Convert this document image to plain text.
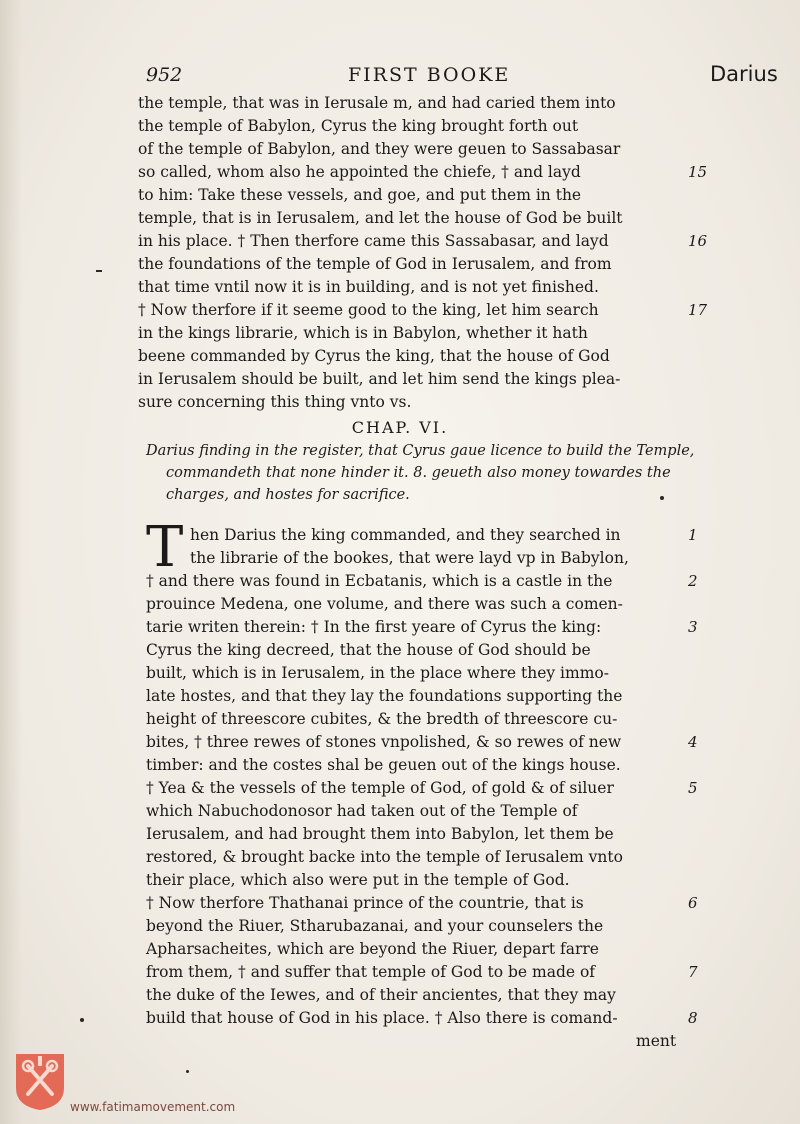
952	FIRST BOOKE	Darius
the temple, that was in Ierusale m, and had caried them into
the temple of Babylon, Cyrus the king brought forth out
of the temple of Babylon, and they were geuen to Sassabasar
so called, whom also he appointed the chiefe, † and layd
to him: Take these vessels, and goe, and put them in the
temple, that is in Ierusalem, and let the house of God be built
in his place. † Then therfore came this Sassabasar, and layd
the foundations of the temple of God in Ierusalem, and from
that time vntil now it is in building, and is not yet finished.
† Now therfore if it seeme good to the king, let him search
in the kings librarie, which is in Babylon, whether it hath
beene commanded by Cyrus the king, that the house of God
in Ierusalem should be built, and let him send the kings plea-
sure concerning this thing vnto vs.
15
16
17
CHAP. VI.
Darius finding in the register, that Cyrus gaue licence to build the Temple,
commandeth that none hinder it. 8. geueth also money towardes the
charges, and hostes for sacrifice.
T hen Darius the king commanded, and they searched in
the librarie of the bookes, that were layd vp in Babylon,
† and there was found in Ecbatanis, which is a castle in the
prouince Medena, one volume, and there was such a comen-
tarie writen therein: † In the first yeare of Cyrus the king:
Cyrus the king decreed, that the house of God should be
built, which is in Ierusalem, in the place where they immo-
late hostes, and that they lay the foundations supporting the
height of threescore cubites, & the bredth of threescore cu-
bites, † three rewes of stones vnpolished, & so rewes of new
timber: and the costes shal be geuen out of the kings house.
† Yea & the vessels of the temple of God, of gold & of siluer
which Nabuchodonosor had taken out of the Temple of
Ierusalem, and had brought them into Babylon, let them be
restored, & brought backe into the temple of Ierusalem vnto
their place, which also were put in the temple of God.
† Now therfore Thathanai prince of the countrie, that is
beyond the Riuer, Stharubazanai, and your counselers the
Apharsacheites, which are beyond the Riuer, depart farre
from them, † and suffer that temple of God to be made of
the duke of the Iewes, and of their ancientes, that they may
build that house of God in his place. † Also there is comand-
ment
1
2
3
4
5
6
7
8
www.fatimamovement.com
